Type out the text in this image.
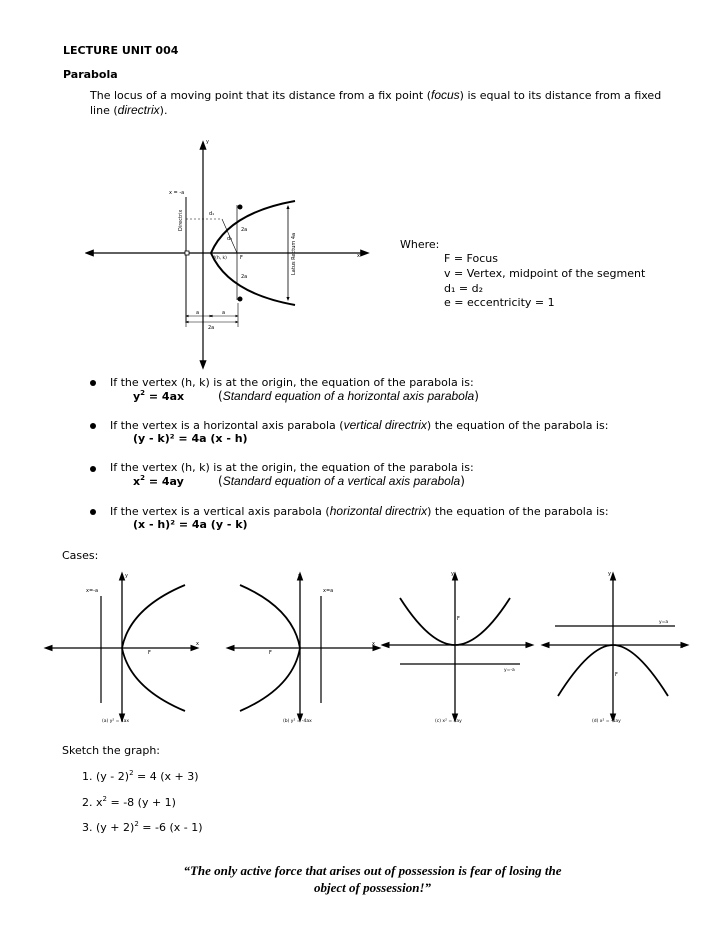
LECTURE UNIT 004
Parabola
The locus of a moving point that its distance from a fix point (focus) is equal to its distance from a fixed
line (directrix).
y
x
x = -a
Directrix	d₁
d₂
2a
2a
Latus Rectum 4a
V(h, k)	F
a	a
2a
Where:
F = Focus
v = Vertex, midpoint of the segment
d₁ = d₂
e = eccentricity = 1
If the vertex (h, k) is at the origin, the equation of the parabola is:
$y^2 = 4ax$	(Standard equation of a horizontal axis parabola)
If the vertex is a horizontal axis parabola (vertical directrix) the equation of the parabola is:
(y - k)² = 4a (x - h)
If the vertex (h, k) is at the origin, the equation of the parabola is:
$x^2 = 4ay$	(Standard equation of a vertical axis parabola)
If the vertex is a vertical axis parabola (horizontal directrix) the equation of the parabola is:
(x - h)² = 4a (y - k)
Cases:
y
x=-a
F
x
(a) y² = 4ax
y
x=a
F
x
(b) y² = -4ax
y
F
y=-a
x
(c) x² = 4ay
y
F
y=a
x
(d) x² = -4ay
Sketch the graph:
1. (y - 2)$^2$ = 4 (x + 3)
2. $x^2 = -8$ (y + 1)
3. $(y + 2)^2 = -6$ (x - 1)
“The only active force that arises out of possession is fear of losing the
object of possession!”
